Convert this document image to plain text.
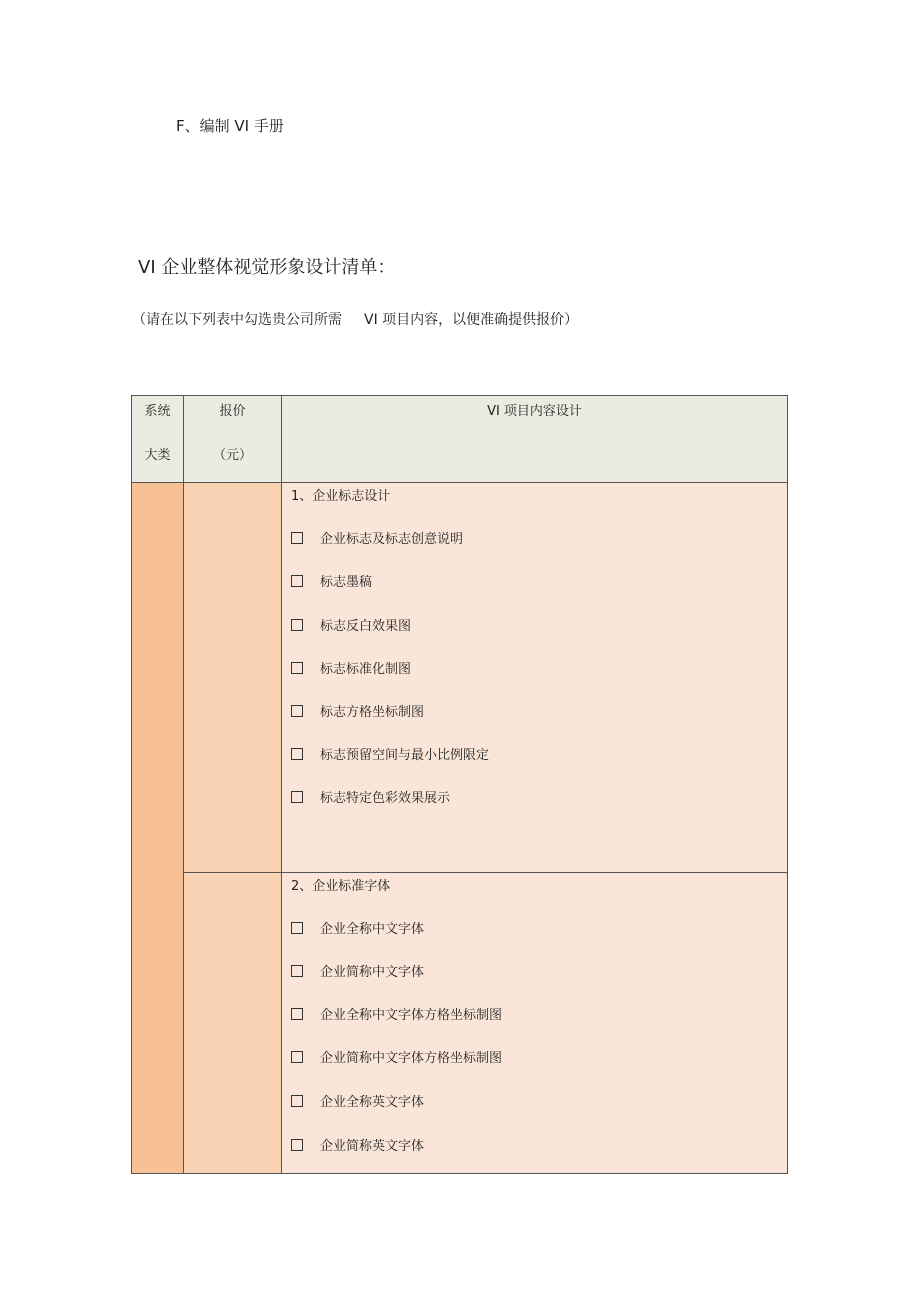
F、编制 VI 手册
VI 企业整体视觉形象设计清单：
（请在以下列表中勾选贵公司所需 VI 项目内容，以便准确提供报价）
系统
大类
报价
（元）
VI 项目内容设计
1、企业标志设计
企业标志及标志创意说明
标志墨稿
标志反白效果图
标志标准化制图
标志方格坐标制图
标志预留空间与最小比例限定
标志特定色彩效果展示
2、企业标准字体
企业全称中文字体
企业简称中文字体
企业全称中文字体方格坐标制图
企业简称中文字体方格坐标制图
企业全称英文字体
企业简称英文字体
